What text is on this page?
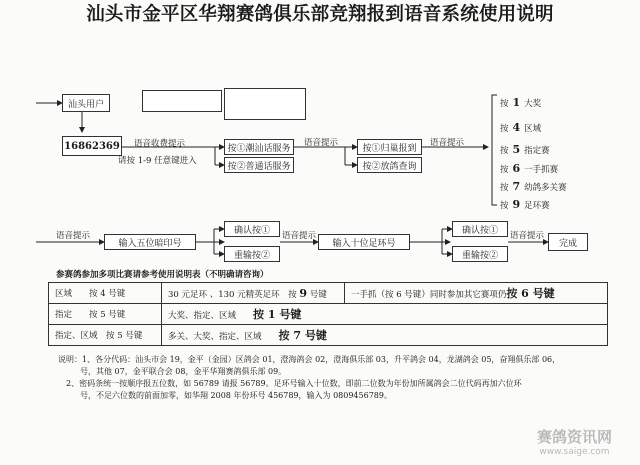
汕头市金平区华翔赛鸽俱乐部竞翔报到语音系统使用说明
汕头用户
16862369 语音收费提示
请按 1-9 任意键进入
按①潮汕话服务
按②普通话服务
语音提示
按①归巢报到
按②放鸽查询
语音提示
按 1 大奖
按 4 区域
按 5 指定赛
按 6 一手抓赛
按 7 幼鸽多关赛
按 9 足环赛
语音提示
输入五位暗印号
确认按①
重输按②
语音提示
输入十位足环号
确认按①
重输按②
语音提示
完成
参赛鸽参加多项比赛请参考使用说明表（不明确请咨询）
区域　　按 4 号键	30 元足环 、130 元精英足环　按 9 号键	一手抓（按 6 号键）同时参加其它赛项仍按 6 号键
指定　　按 5 号键	大奖、指定、区域　　 按 1 号键	
指定、区域　按 5 号键	多关、大奖、指定、区域　　 按 7 号键	
说明：1、各分代码：汕头市会 19，金平（金园）区鸽会 01，澄海鸽会 02，澄海俱乐部 03，升平鸽会 04，龙湖鸽会 05，奋翔俱乐部 06，
号，其他 07，金平联合会 08，金平华翔赛鸽俱乐部 09。
2、密码条统一按顺序报五位数，如 56789 请报 56789。足环号输入十位数，即前二位数为年份加所属鸽会二位代码再加六位环
号，不足六位数的前面加零，如华翔 2008 年份环号 456789，输入为 0809456789。
赛鸽资讯网
www.saige.com
